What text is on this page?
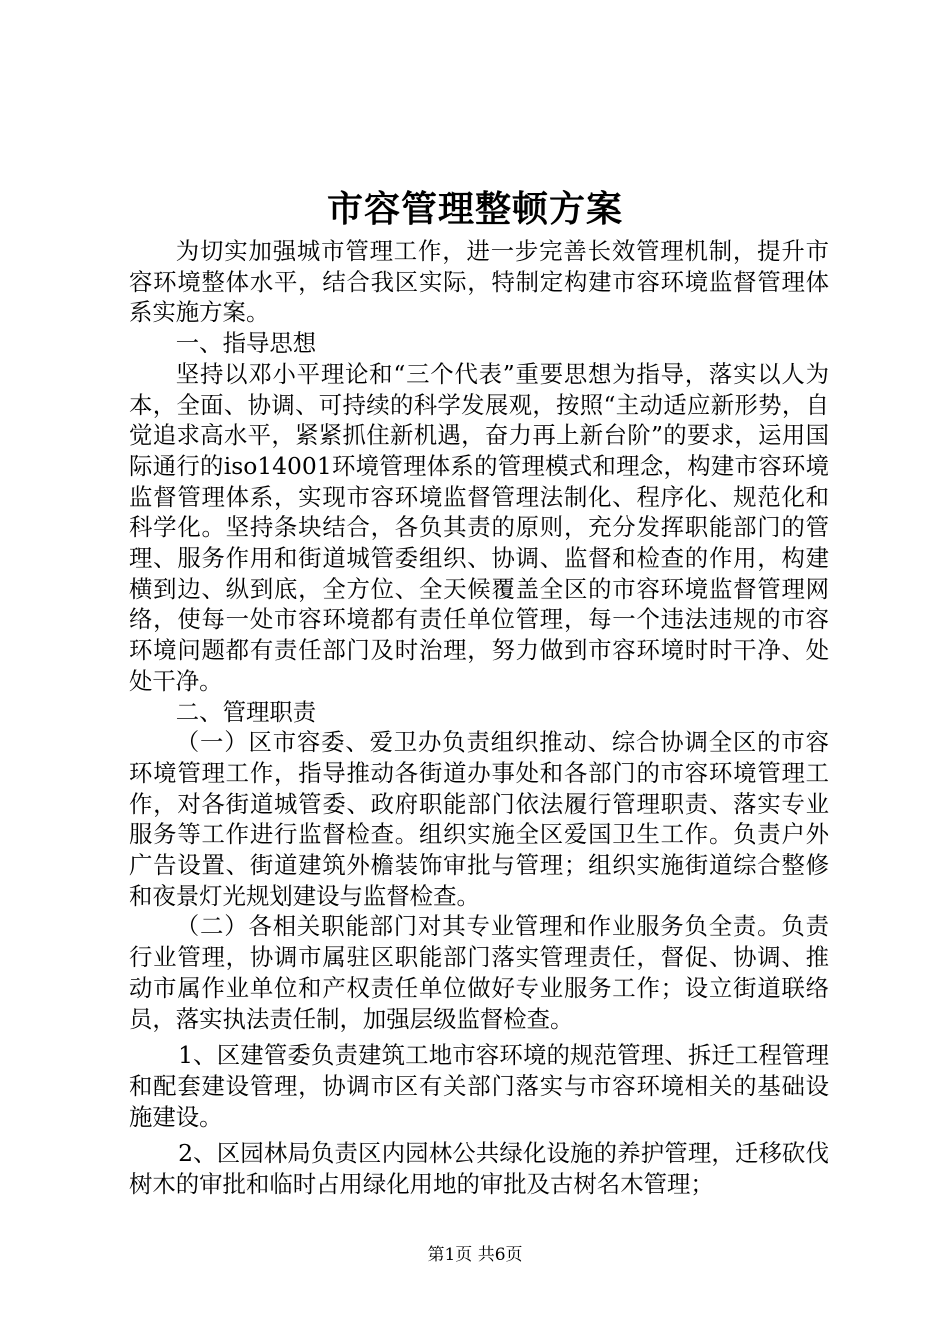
市容管理整顿方案

为切实加强城市管理工作，进一步完善长效管理机制，提升市容环境整体水平，结合我区实际，特制定构建市容环境监督管理体系实施方案。

一、指导思想

坚持以邓小平理论和“三个代表”重要思想为指导，落实以人为本，全面、协调、可持续的科学发展观，按照“主动适应新形势，自觉追求高水平，紧紧抓住新机遇，奋力再上新台阶”的要求，运用国际通行的iso14001环境管理体系的管理模式和理念，构建市容环境监督管理体系，实现市容环境监督管理法制化、程序化、规范化和科学化。坚持条块结合，各负其责的原则，充分发挥职能部门的管理、服务作用和街道城管委组织、协调、监督和检查的作用，构建横到边、纵到底，全方位、全天候覆盖全区的市容环境监督管理网络，使每一处市容环境都有责任单位管理，每一个违法违规的市容环境问题都有责任部门及时治理，努力做到市容环境时时干净、处处干净。

二、管理职责

（一）区市容委、爱卫办负责组织推动、综合协调全区的市容环境管理工作，指导推动各街道办事处和各部门的市容环境管理工作，对各街道城管委、政府职能部门依法履行管理职责、落实专业服务等工作进行监督检查。组织实施全区爱国卫生工作。负责户外广告设置、街道建筑外檐装饰审批与管理；组织实施街道综合整修和夜景灯光规划建设与监督检查。

（二）各相关职能部门对其专业管理和作业服务负全责。负责行业管理，协调市属驻区职能部门落实管理责任，督促、协调、推动市属作业单位和产权责任单位做好专业服务工作；设立街道联络员，落实执法责任制，加强层级监督检查。

1、区建管委负责建筑工地市容环境的规范管理、拆迁工程管理和配套建设管理，协调市区有关部门落实与市容环境相关的基础设施建设。

2、区园林局负责区内园林公共绿化设施的养护管理，迁移砍伐树木的审批和临时占用绿化用地的审批及古树名木管理；

第1页 共6页
